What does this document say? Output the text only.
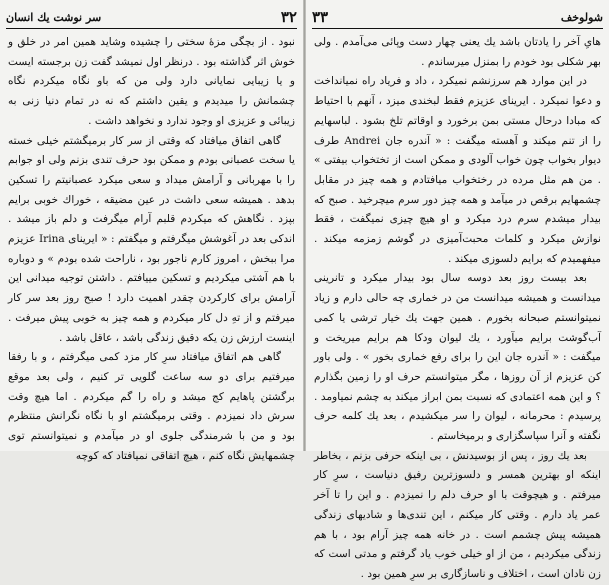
۳۲
سر نوشت یك انسان

نبود . از بچگی مزهٔ سختی را چشیده وشاید همین امر در خلق و خوش اثر گذاشته بود . درنظر اول نمیشد گفت زن برجسته ایست و یا زیبایی نمایانی دارد ولی من که باو نگاه میکردم نگاه چشمانش را میدیدم و یقین داشتم که نه در تمام دنیا زنی به زیبائی و عزیزی او وجود ندارد و نخواهد داشت .

گاهی اتفاق میافتاد که وقتی از سر کار برمیگشتم خیلی خسته یا سخت عصبانی بودم و ممکن بود حرف تندی بزنم ولی او جوابم را با مهربانی و آرامش میداد و سعی میکرد عصبانیتم را تسکین بدهد . همیشه سعی داشت در عین مضیقه ، خوراك خوبی برایم بپزد . نگاهش که میکردم قلبم آرام میگرفت و دلم باز میشد . اندکی بعد در آغوشش میگرفتم و میگفتم : « ایرینای Irina عزیزم مرا ببخش ، امروز کارم ناجور بود ، ناراحت شده بودم » و دوباره با هم آشتی میکردیم و تسکین مییافتم . داشتن توجیه میدانی این آرامش برای کارکردن چقدر اهمیت دارد ! صبح روز بعد سر کار میرفتم و از تهِ دل کار میکردم و همه چیز به خوبی پیش میرفت . اینست ارزش زن یکه دقیق زندگی باشد ، عاقل باشد .

گاهی هم اتفاق میافتاد سرِ کار مزد کمی میگرفتم ، و با رفقا میرفتیم برای دو سه ساعت گلویی تر کنیم ، ولی بعد موقع برگشتن پاهایم کج میشد و راه را گم میکردم . اما هیچ وقت سرش داد نمیزدم . وقتی برمیگشتم او با نگاه نگرانش منتظرم بود و من با شرمندگی جلوی او در میآمدم و نمیتوانستم توی چشمهایش نگاه کنم ، هیچ اتفاقی نمیافتاد که کوچه

شولوخف
۳۳

هایِ آخر را یادتان باشد یك یعنی چهار دست وپائی می‌آمدم . ولی بهر شکلی بود خودم را بمنزل میرساندم .

در این موارد هم سرزنشم نمیکرد ، داد و فریاد راه نمیانداخت و دعوا نمیکرد . ایرینای عزیزم فقط لبخندی میزد ، آنهم با احتیاط که مبادا درحال مستی بمن برخورد و اوقاتم تلخ بشود . لباسهایم را از تنم میکند و آهسته میگفت : « آندره جان Andrei طرف دیوار بخواب چون خواب آلودی و ممکن است از تختخواب بیفتی » . من هم مثل مرده در رختخواب میافتادم و همه چیز در مقابل چشمهایم برقص در میآمد و همه چیز دور سرم میچرخید . صبح که بیدار میشدم سرم درد میکرد و او هیچ چیزی نمیگفت ، فقط نوازش میکرد و کلمات محبت‌آمیزی در گوشم زمزمه میکند . میفهمیدم که برایم دلسوزی میکند .

بعد بیست روز بعد دوسه سال بود بیدار میکرد و تانرینی میدانست و همیشه میدانست من در خماری چه حالی دارم و زیاد نمیتوانستم صبحانه بخورم . همین جهت یك خیار ترشی یا کمی آب‌گوشت برایم میآورد ، یك لیوان ودکا هم برایم میریخت و میگفت : « آندره جان این را برای رفع خماری بخور » . ولی باور کن عزیزم از آن روزها ، مگر میتوانستم حرف او را زمین بگذارم ؟ و این همه اعتمادی که نسبت بمن ابراز میکند به چشم نمیاومد . پرسیدم : محرمانه ، لیوان را سر میکشیدم ، بعد یك کلمه حرف نگفته و آنرا سپاسگزاری و برمیخاستم .

بعد یك روز ، پس از بوسیدنش ، بی اینکه حرفی بزنم ، بخاطر اینکه او بهترین همسر و دلسوزترین رفیق دنیاست ، سرِ کار میرفتم . و هیچوقت با او حرف دلم را نمیزدم . و این را تا آخر عمر یاد دارم . وقتی کار میکنم ، این تندی‌ها و شادیهای زندگی همیشه پیش چشمم است . در خانه همه چیز آرام بود ، با هم زندگی میکردیم ، من از او خیلی خوب یاد گرفتم و مدتی است که زن نادان است ، اختلاف و ناسازگاری بر سرِ همین بود .
